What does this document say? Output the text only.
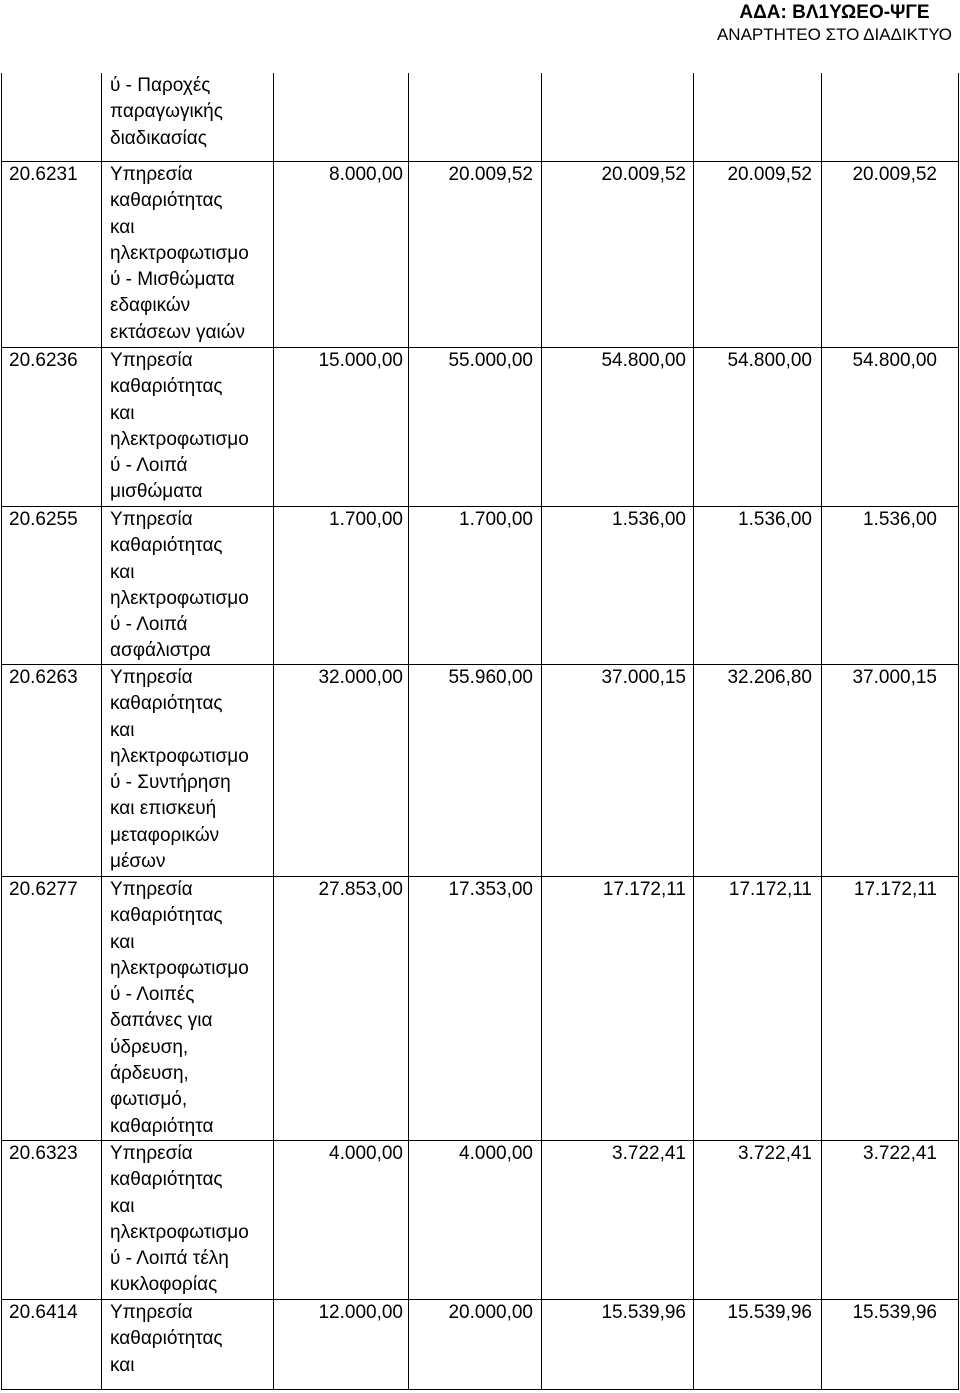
ΑΔΑ: ΒΛ1ΥΩΕΟ-ΨΓΕ
ΑΝΑΡΤΗΤΕΟ ΣΤΟ ΔΙΑΔΙΚΤΥΟ
ύ - Παροχές
παραγωγικής
διαδικασίας
20.6231	Υπηρεσία
καθαριότητας
και
ηλεκτροφωτισμο
ύ - Μισθώματα
εδαφικών
εκτάσεων γαιών
8.000,00	20.009,52	20.009,52	20.009,52	20.009,52
20.6236	Υπηρεσία
καθαριότητας
και
ηλεκτροφωτισμο
ύ - Λοιπά
μισθώματα
15.000,00	55.000,00	54.800,00	54.800,00	54.800,00
20.6255	Υπηρεσία
καθαριότητας
και
ηλεκτροφωτισμο
ύ - Λοιπά
ασφάλιστρα
1.700,00	1.700,00	1.536,00	1.536,00	1.536,00
20.6263	Υπηρεσία
καθαριότητας
και
ηλεκτροφωτισμο
ύ - Συντήρηση
και επισκευή
μεταφορικών
μέσων
32.000,00	55.960,00	37.000,15	32.206,80	37.000,15
20.6277	Υπηρεσία
καθαριότητας
και
ηλεκτροφωτισμο
ύ - Λοιπές
δαπάνες για
ύδρευση,
άρδευση,
φωτισμό,
καθαριότητα
27.853,00	17.353,00	17.172,11	17.172,11	17.172,11
20.6323	Υπηρεσία
καθαριότητας
και
ηλεκτροφωτισμο
ύ - Λοιπά τέλη
κυκλοφορίας
4.000,00	4.000,00	3.722,41	3.722,41	3.722,41
20.6414	Υπηρεσία
καθαριότητας
και
12.000,00	20.000,00	15.539,96	15.539,96	15.539,96
